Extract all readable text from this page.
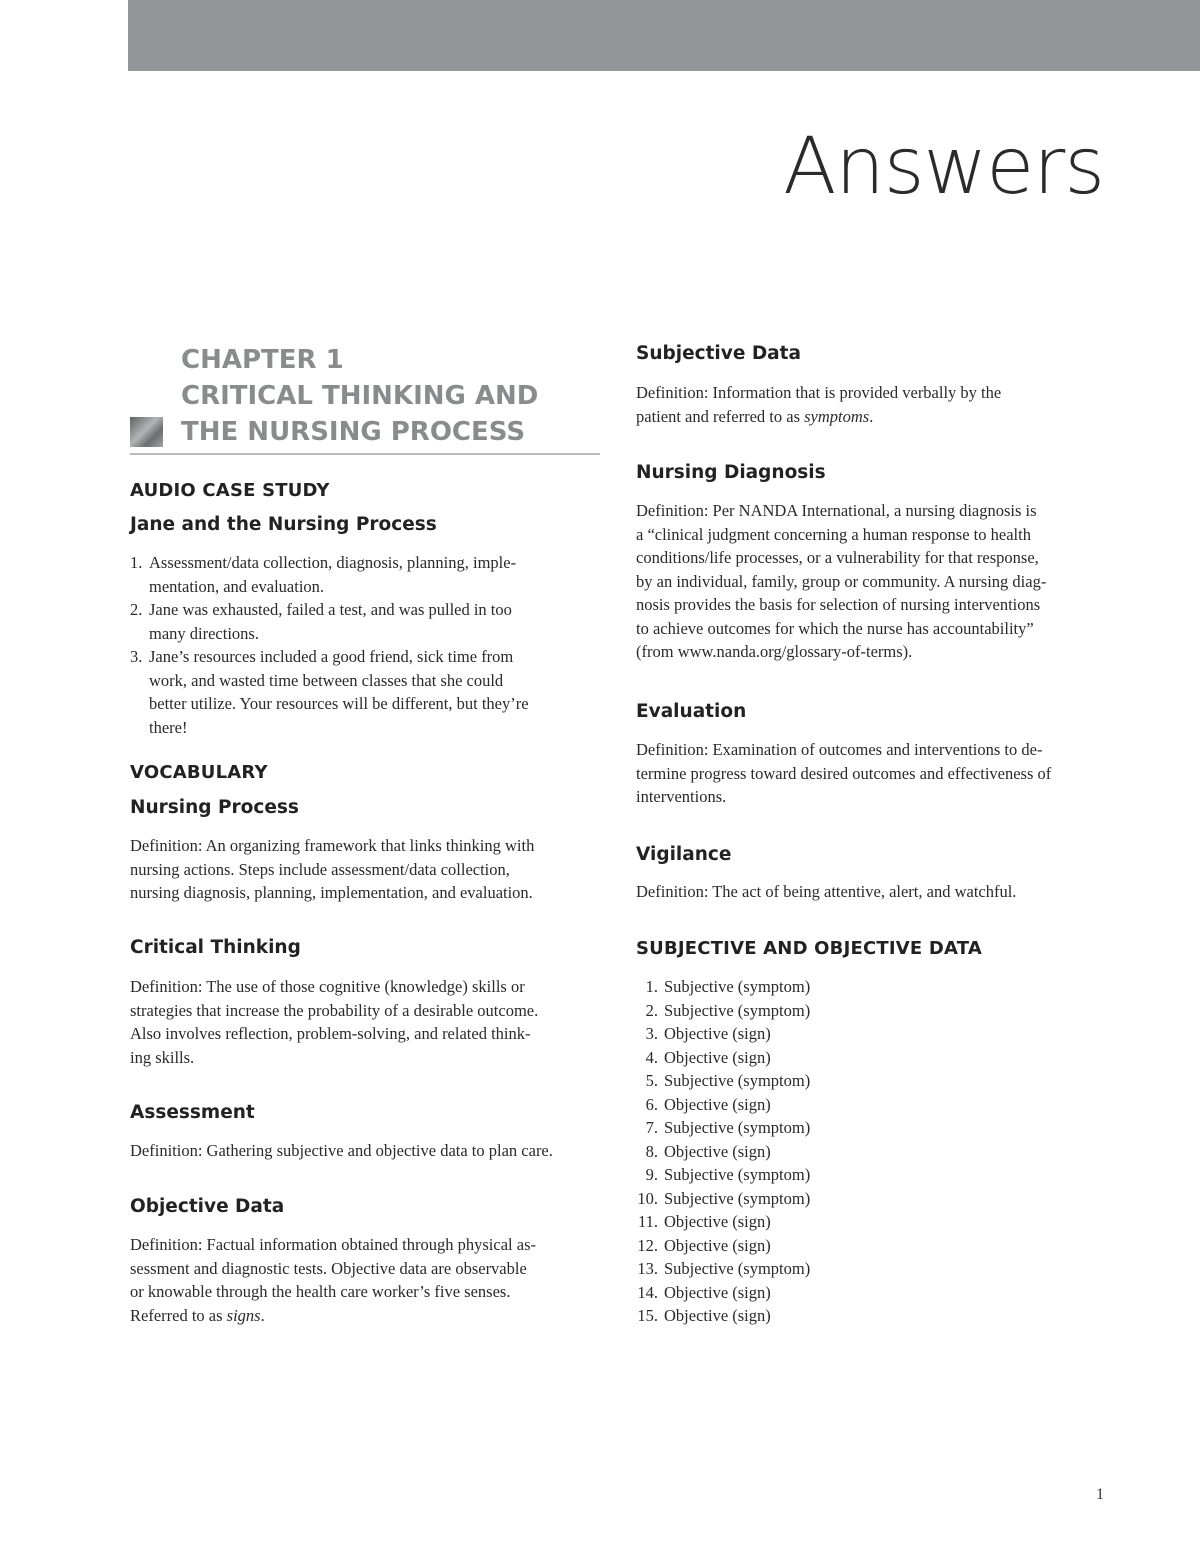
Answers
CHAPTER 1
CRITICAL THINKING AND
THE NURSING PROCESS
AUDIO CASE STUDY
Jane and the Nursing Process
1. Assessment/data collection, diagnosis, planning, imple-
mentation, and evaluation.
2. Jane was exhausted, failed a test, and was pulled in too
many directions.
3. Jane’s resources included a good friend, sick time from
work, and wasted time between classes that she could
better utilize. Your resources will be different, but they’re
there!
VOCABULARY
Nursing Process
Definition: An organizing framework that links thinking with
nursing actions. Steps include assessment/data collection,
nursing diagnosis, planning, implementation, and evaluation.
Critical Thinking
Definition: The use of those cognitive (knowledge) skills or
strategies that increase the probability of a desirable outcome.
Also involves reflection, problem-solving, and related think-
ing skills.
Assessment
Definition: Gathering subjective and objective data to plan care.
Objective Data
Definition: Factual information obtained through physical as-
sessment and diagnostic tests. Objective data are observable
or knowable through the health care worker’s five senses.
Referred to as signs.
Subjective Data
Definition: Information that is provided verbally by the
patient and referred to as symptoms.
Nursing Diagnosis
Definition: Per NANDA International, a nursing diagnosis is
a “clinical judgment concerning a human response to health
conditions/life processes, or a vulnerability for that response,
by an individual, family, group or community. A nursing diag-
nosis provides the basis for selection of nursing interventions
to achieve outcomes for which the nurse has accountability”
(from www.nanda.org/glossary-of-terms).
Evaluation
Definition: Examination of outcomes and interventions to de-
termine progress toward desired outcomes and effectiveness of
interventions.
Vigilance
Definition: The act of being attentive, alert, and watchful.
SUBJECTIVE AND OBJECTIVE DATA
1. Subjective (symptom)
2. Subjective (symptom)
3. Objective (sign)
4. Objective (sign)
5. Subjective (symptom)
6. Objective (sign)
7. Subjective (symptom)
8. Objective (sign)
9. Subjective (symptom)
10. Subjective (symptom)
11. Objective (sign)
12. Objective (sign)
13. Subjective (symptom)
14. Objective (sign)
15. Objective (sign)
1
